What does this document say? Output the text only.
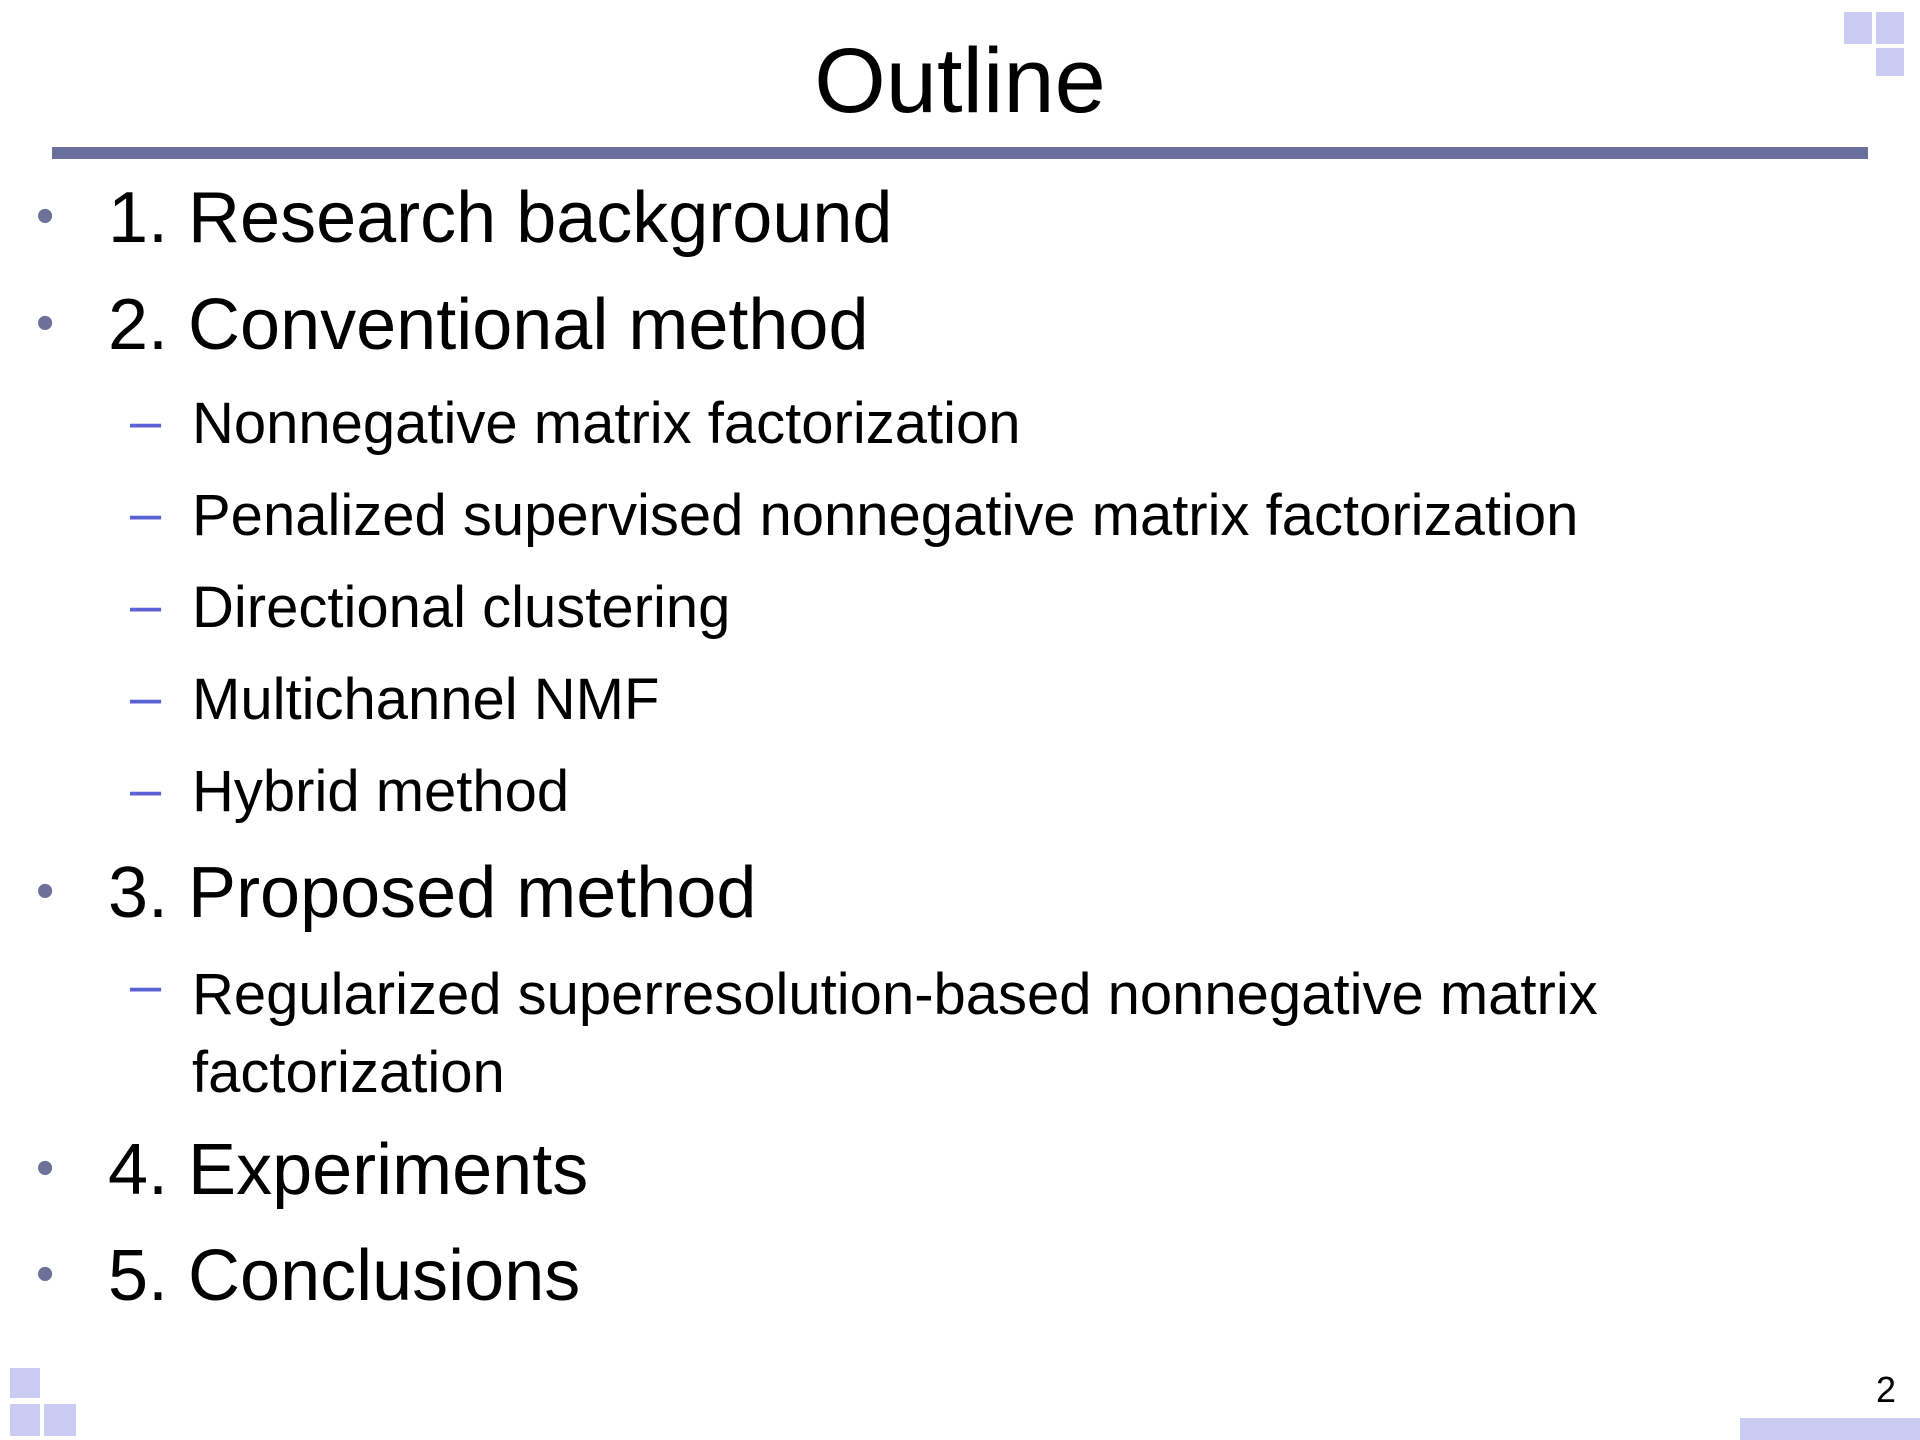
Outline
• 1. Research background
• 2. Conventional method
– Nonnegative matrix factorization
– Penalized supervised nonnegative matrix factorization
– Directional clustering
– Multichannel NMF
– Hybrid method
• 3. Proposed method
– Regularized superresolution-based nonnegative matrix factorization
• 4. Experiments
• 5. Conclusions
2
